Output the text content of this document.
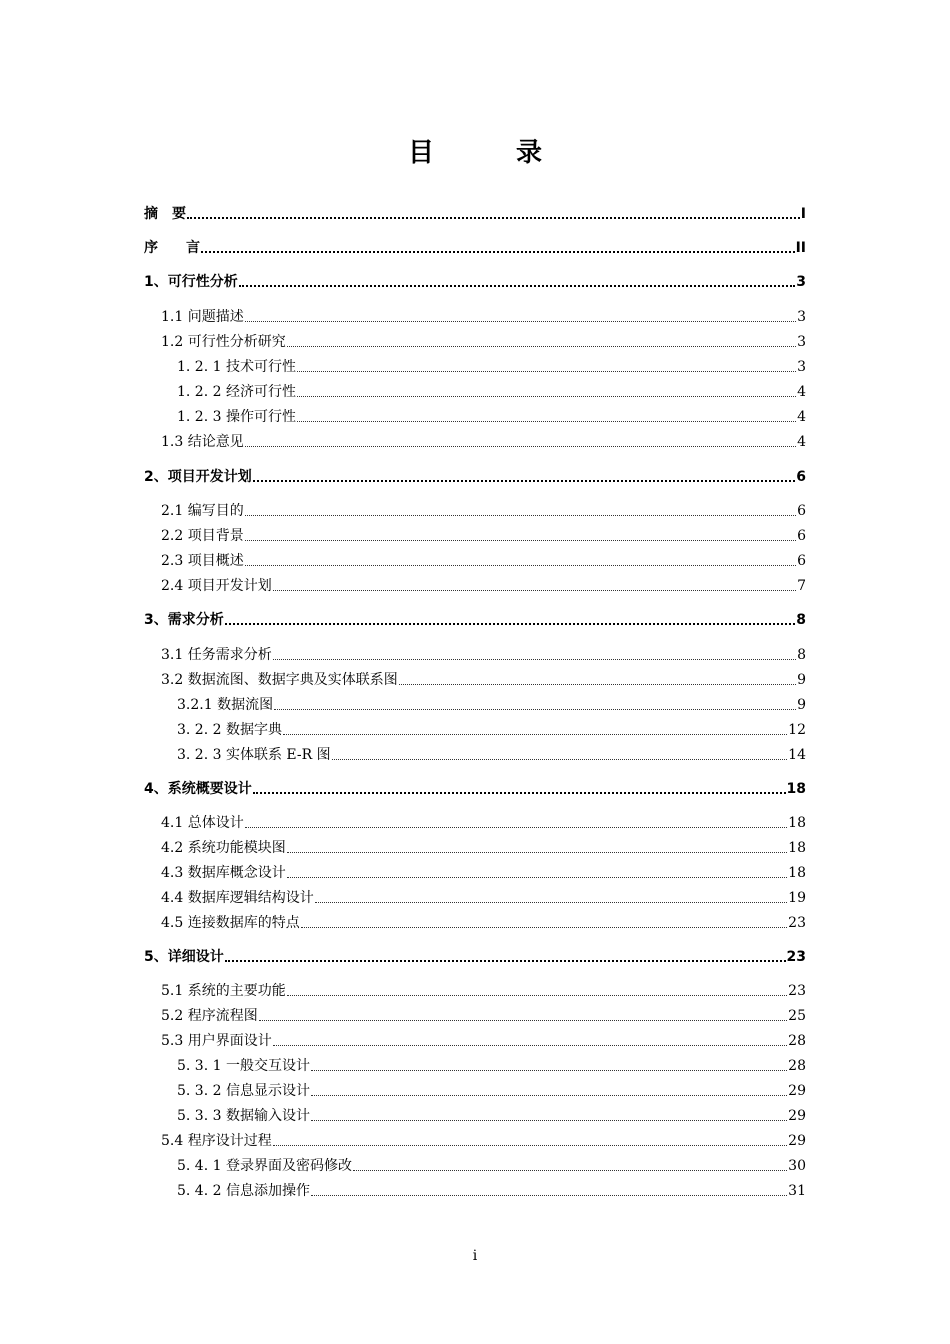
目　录
摘　要	I
序　　言	II
1、可行性分析	3
1.1 问题描述	3
1.2 可行性分析研究	3
1. 2. 1 技术可行性	3
1. 2. 2 经济可行性	4
1. 2. 3 操作可行性	4
1.3 结论意见	4
2、项目开发计划	6
2.1 编写目的	6
2.2 项目背景	6
2.3 项目概述	6
2.4 项目开发计划	7
3、需求分析	8
3.1 任务需求分析	8
3.2 数据流图、数据字典及实体联系图	9
3.2.1 数据流图	9
3. 2. 2 数据字典	12
3. 2. 3 实体联系 E-R 图	14
4、系统概要设计	18
4.1 总体设计	18
4.2 系统功能模块图	18
4.3 数据库概念设计	18
4.4 数据库逻辑结构设计	19
4.5 连接数据库的特点	23
5、详细设计	23
5.1 系统的主要功能	23
5.2 程序流程图	25
5.3 用户界面设计	28
5. 3. 1 一般交互设计	28
5. 3. 2 信息显示设计	29
5. 3. 3 数据输入设计	29
5.4 程序设计过程	29
5. 4. 1 登录界面及密码修改	30
5. 4. 2 信息添加操作	31
i
